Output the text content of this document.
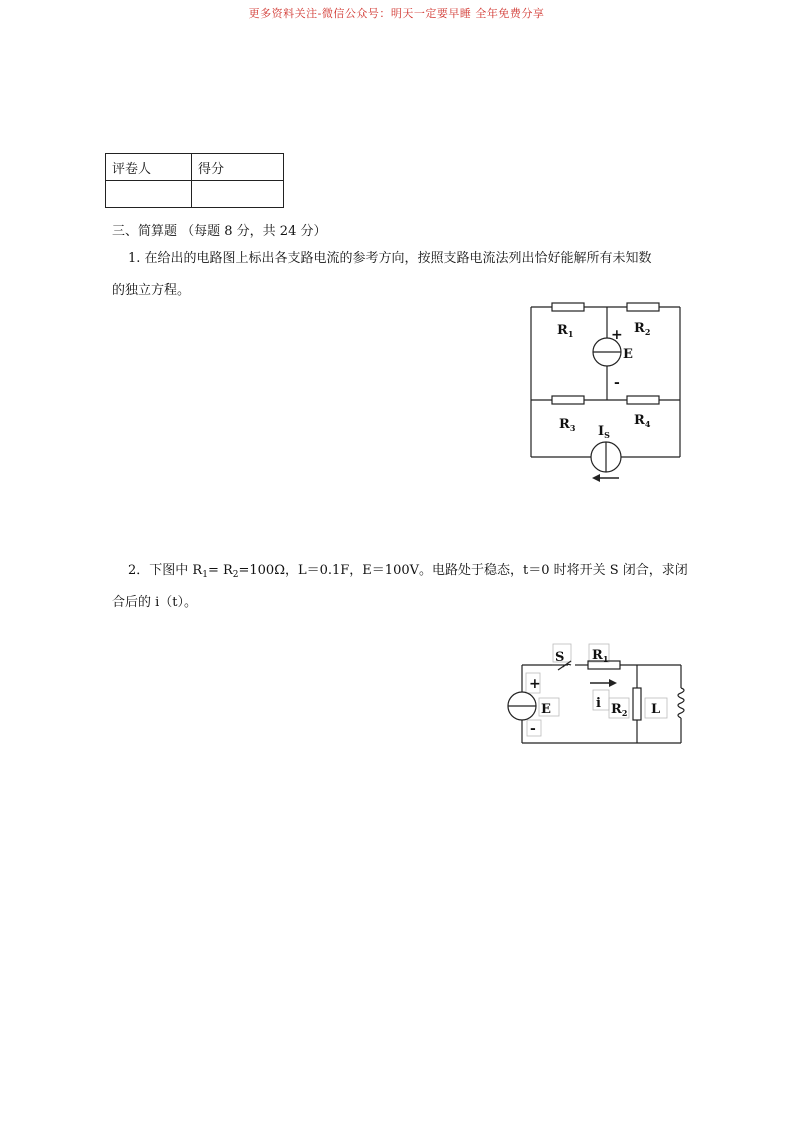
更多资料关注-微信公众号：明天一定要早睡 全年免费分享
评卷人	得分

三、简算题 （每题 8 分，共 24 分）
1. 在给出的电路图上标出各支路电流的参考方向，按照支路电流法列出恰好能解所有未知数
的独立方程。
$R_1$	$R_2$
+
E
-
$R_3$ $I_S$
$R_4$
2．下图中 $R_1= R_2=100\Omega$，L＝0.1F，E＝100V。电路处于稳态，t＝0 时将开关 S 闭合，求闭
合后的 i（t）。
S $R_1$
+
E
-
i $R_2$ L
